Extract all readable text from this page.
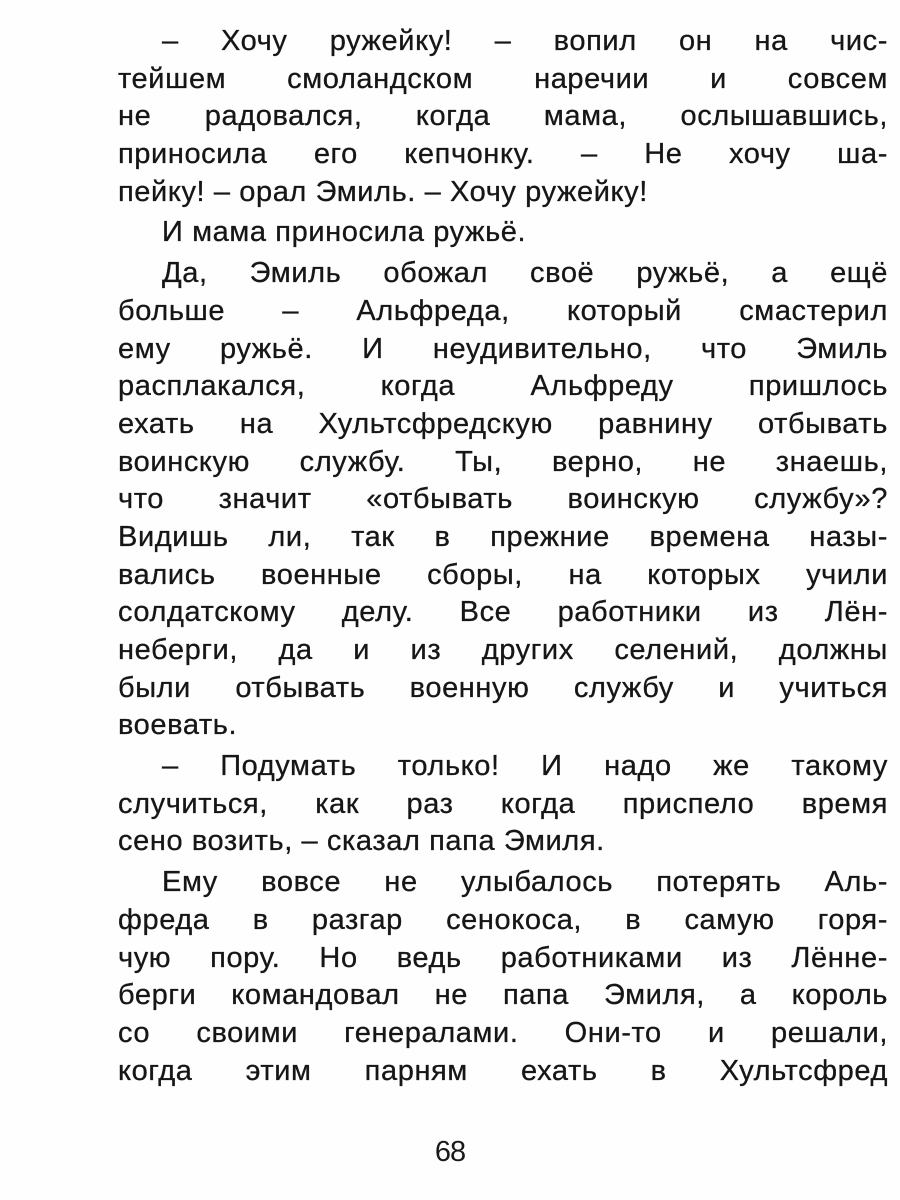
– Хочу ружейку! – вопил он на чис-
тейшем смоландском наречии и совсем
не радовался, когда мама, ослышавшись,
приносила его кепчонку. – Не хочу ша-
пейку! – орал Эмиль. – Хочу ружейку!
И мама приносила ружьё.
Да, Эмиль обожал своё ружьё, а ещё
больше – Альфреда, который смастерил
ему ружьё. И неудивительно, что Эмиль
расплакался, когда Альфреду пришлось
ехать на Хультсфредскую равнину отбывать
воинскую службу. Ты, верно, не знаешь,
что значит «отбывать воинскую службу»?
Видишь ли, так в прежние времена назы-
вались военные сборы, на которых учили
солдатскому делу. Все работники из Лён-
неберги, да и из других селений, должны
были отбывать военную службу и учиться
воевать.
– Подумать только! И надо же такому
случиться, как раз когда приспело время
сено возить, – сказал папа Эмиля.
Ему вовсе не улыбалось потерять Аль-
фреда в разгар сенокоса, в самую горя-
чую пору. Но ведь работниками из Лённе-
берги командовал не папа Эмиля, а король
со своими генералами. Они-то и решали,
когда этим парням ехать в Хультсфред
68
